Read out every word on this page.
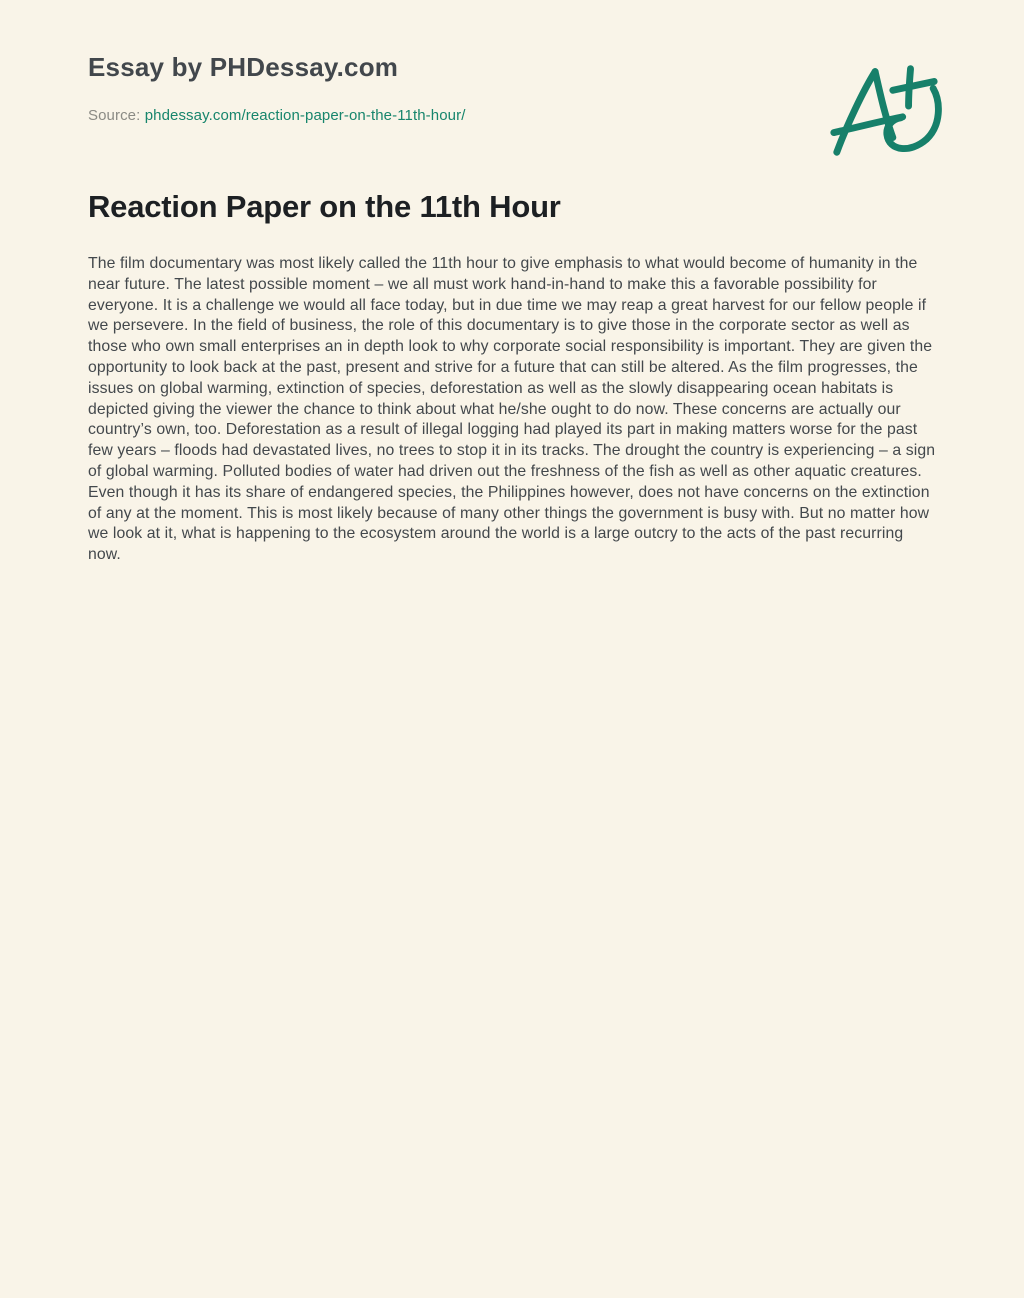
Essay by PHDessay.com
Source: phdessay.com/reaction-paper-on-the-11th-hour/
Reaction Paper on the 11th Hour

The film documentary was most likely called the 11th hour to give emphasis to what would become of humanity in the near future. The latest possible moment – we all must work hand-in-hand to make this a favorable possibility for everyone. It is a challenge we would all face today, but in due time we may reap a great harvest for our fellow people if we persevere. In the field of business, the role of this documentary is to give those in the corporate sector as well as those who own small enterprises an in depth look to why corporate social responsibility is important. They are given the opportunity to look back at the past, present and strive for a future that can still be altered. As the film progresses, the issues on global warming, extinction of species, deforestation as well as the slowly disappearing ocean habitats is depicted giving the viewer the chance to think about what he/she ought to do now. These concerns are actually our country’s own, too. Deforestation as a result of illegal logging had played its part in making matters worse for the past few years – floods had devastated lives, no trees to stop it in its tracks. The drought the country is experiencing – a sign of global warming. Polluted bodies of water had driven out the freshness of the fish as well as other aquatic creatures. Even though it has its share of endangered species, the Philippines however, does not have concerns on the extinction of any at the moment. This is most likely because of many other things the government is busy with. But no matter how we look at it, what is happening to the ecosystem around the world is a large outcry to the acts of the past recurring now.
